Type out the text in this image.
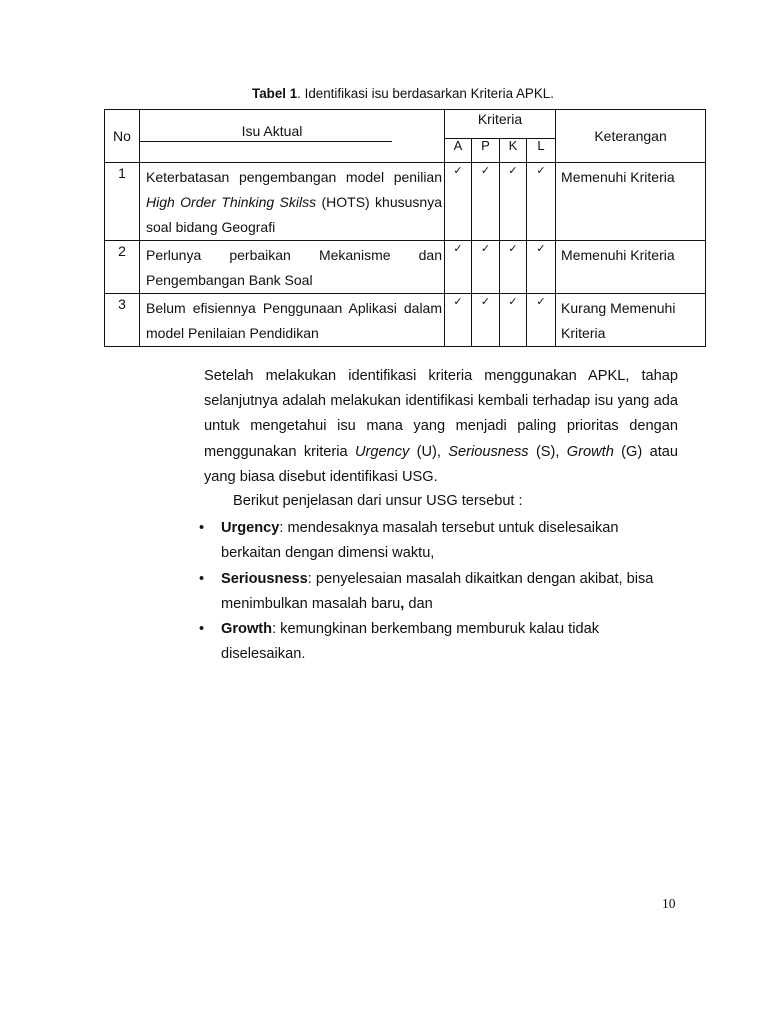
Tabel 1. Identifikasi isu berdasarkan Kriteria APKL.
No	Isu Aktual	Kriteria				Keterangan
		A	P	K	L	
1	Keterbatasan pengembangan model penilian High Order Thinking Skilss (HOTS) khususnya soal bidang Geografi	✓	✓	✓	✓	Memenuhi Kriteria
2	Perlunya perbaikan Mekanisme dan Pengembangan Bank Soal	✓	✓	✓	✓	Memenuhi Kriteria
3	Belum efisiennya Penggunaan Aplikasi dalam model Penilaian Pendidikan	✓	✓	✓	✓	Kurang Memenuhi Kriteria
Setelah melakukan identifikasi kriteria menggunakan APKL, tahap selanjutnya adalah melakukan identifikasi kembali terhadap isu yang ada untuk mengetahui isu mana yang menjadi paling prioritas dengan menggunakan kriteria Urgency (U), Seriousness (S), Growth (G) atau yang biasa disebut identifikasi USG.
Berikut penjelasan dari unsur USG tersebut :
• Urgency: mendesaknya masalah tersebut untuk diselesaikan berkaitan dengan dimensi waktu,
• Seriousness: penyelesaian masalah dikaitkan dengan akibat, bisa menimbulkan masalah baru, dan
• Growth: kemungkinan berkembang memburuk kalau tidak diselesaikan.
10
